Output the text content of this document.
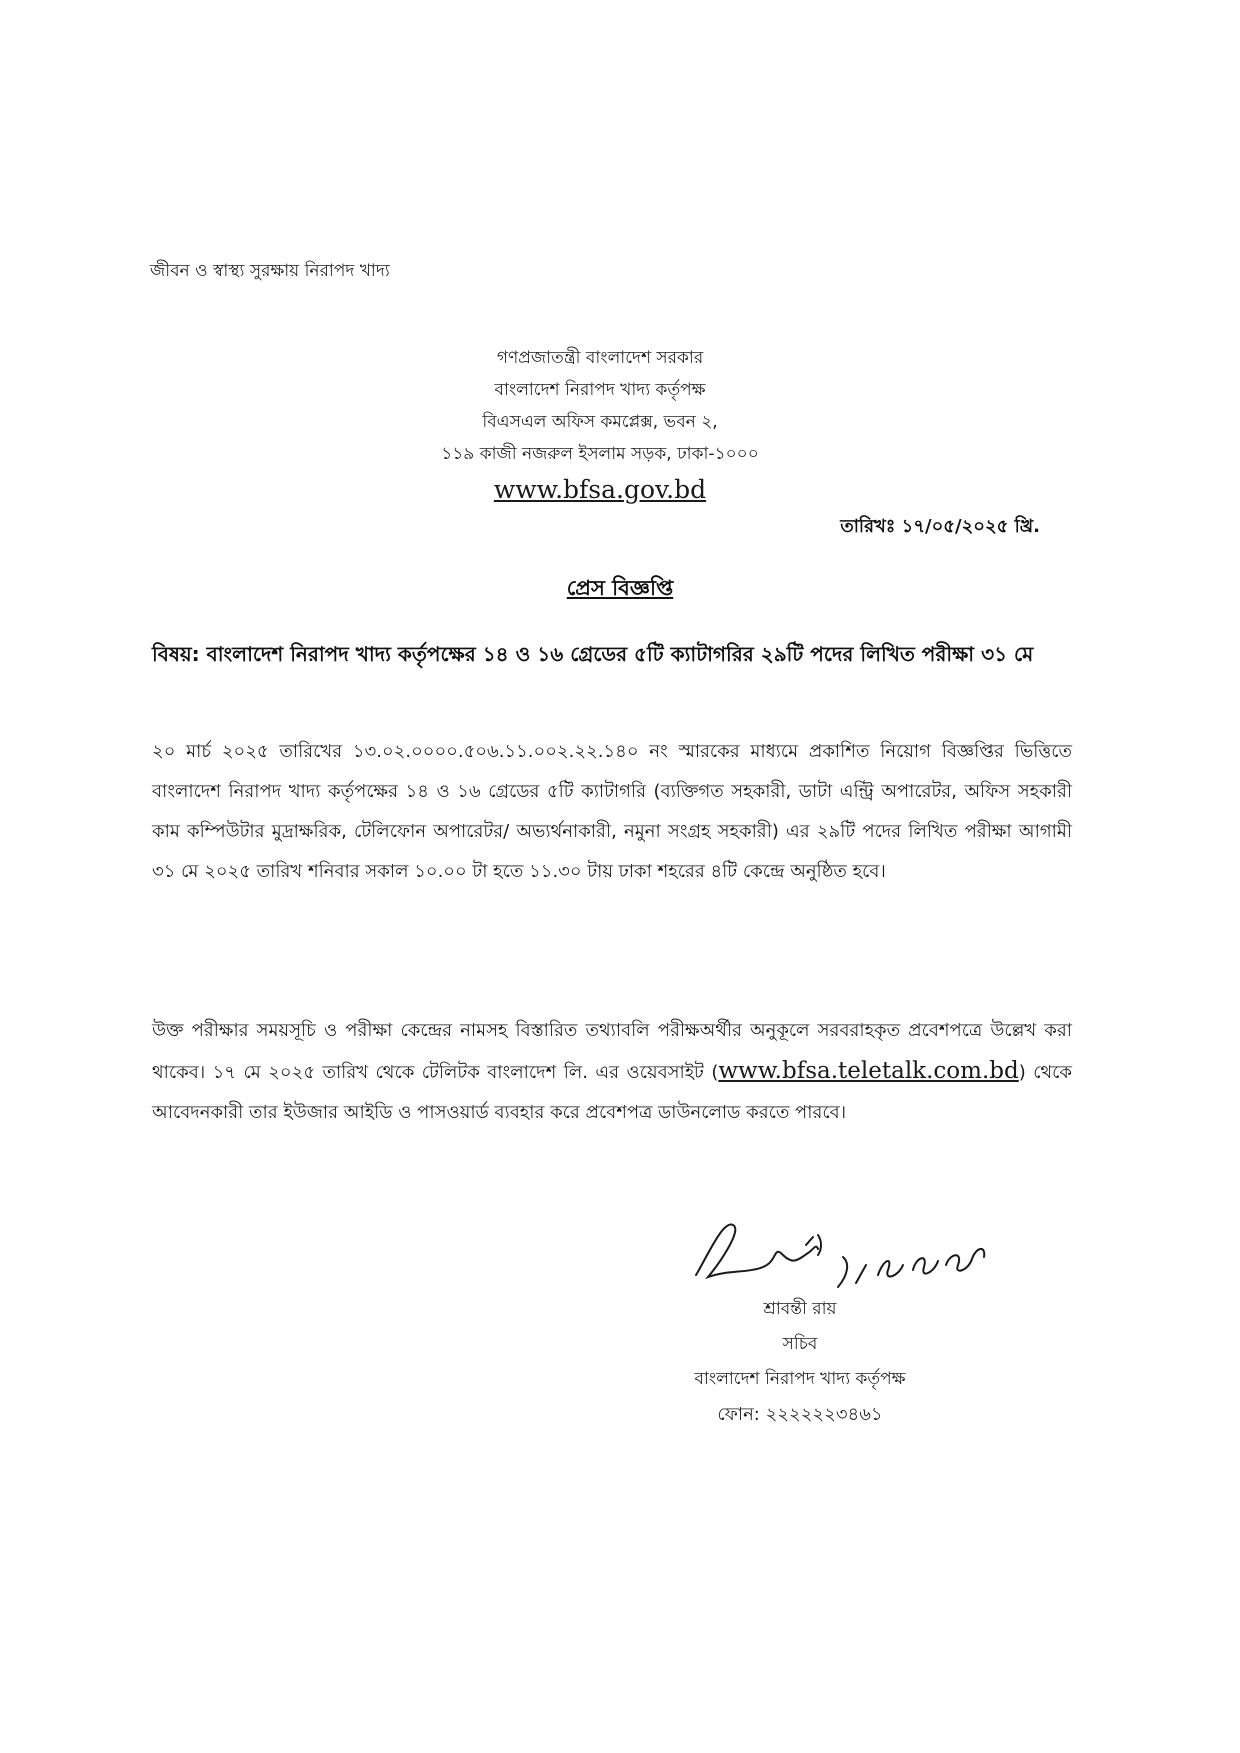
জীবন ও স্বাস্থ্য সুরক্ষায় নিরাপদ খাদ্য
গণপ্রজাতন্ত্রী বাংলাদেশ সরকার
বাংলাদেশ নিরাপদ খাদ্য কর্তৃপক্ষ
বিএসএল অফিস কমপ্লেক্স, ভবন ২,
১১৯ কাজী নজরুল ইসলাম সড়ক, ঢাকা-১০০০
www.bfsa.gov.bd
তারিখঃ ১৭/০৫/২০২৫ খ্রি.
প্রেস বিজ্ঞপ্তি
বিষয়: বাংলাদেশ নিরাপদ খাদ্য কর্তৃপক্ষের ১৪ ও ১৬ গ্রেডের ৫টি ক্যাটাগরির ২৯টি পদের লিখিত পরীক্ষা ৩১ মে
২০ মার্চ ২০২৫ তারিখের ১৩.০২.০০০০.৫০৬.১১.০০২.২২.১৪০ নং স্মারকের মাধ্যমে প্রকাশিত নিয়োগ বিজ্ঞপ্তির ভিত্তিতে বাংলাদেশ নিরাপদ খাদ্য কর্তৃপক্ষের ১৪ ও ১৬ গ্রেডের ৫টি ক্যাটাগরি (ব্যক্তিগত সহকারী, ডাটা এন্ট্রি অপারেটর, অফিস সহকারী কাম কম্পিউটার মুদ্রাক্ষরিক, টেলিফোন অপারেটর/ অভ্যর্থনাকারী, নমুনা সংগ্রহ সহকারী) এর ২৯টি পদের লিখিত পরীক্ষা আগামী ৩১ মে ২০২৫ তারিখ শনিবার সকাল ১০.০০ টা হতে ১১.৩০ টায় ঢাকা শহরের ৪টি কেন্দ্রে অনুষ্ঠিত হবে।
উক্ত পরীক্ষার সময়সূচি ও পরীক্ষা কেন্দ্রের নামসহ বিস্তারিত তথ্যাবলি পরীক্ষঅর্থীর অনুকূলে সরবরাহকৃত প্রবেশপত্রে উল্লেখ করা থাকেব। ১৭ মে ২০২৫ তারিখ থেকে টেলিটক বাংলাদেশ লি. এর ওয়েবসাইট (www.bfsa.teletalk.com.bd) থেকে আবেদনকারী তার ইউজার আইডি ও পাসওয়ার্ড ব্যবহার করে প্রবেশপত্র ডাউনলোড করতে পারবে।
শ্রাবন্তী রায়
সচিব
বাংলাদেশ নিরাপদ খাদ্য কর্তৃপক্ষ
ফোন: ২২২২২২৩৪৬১
